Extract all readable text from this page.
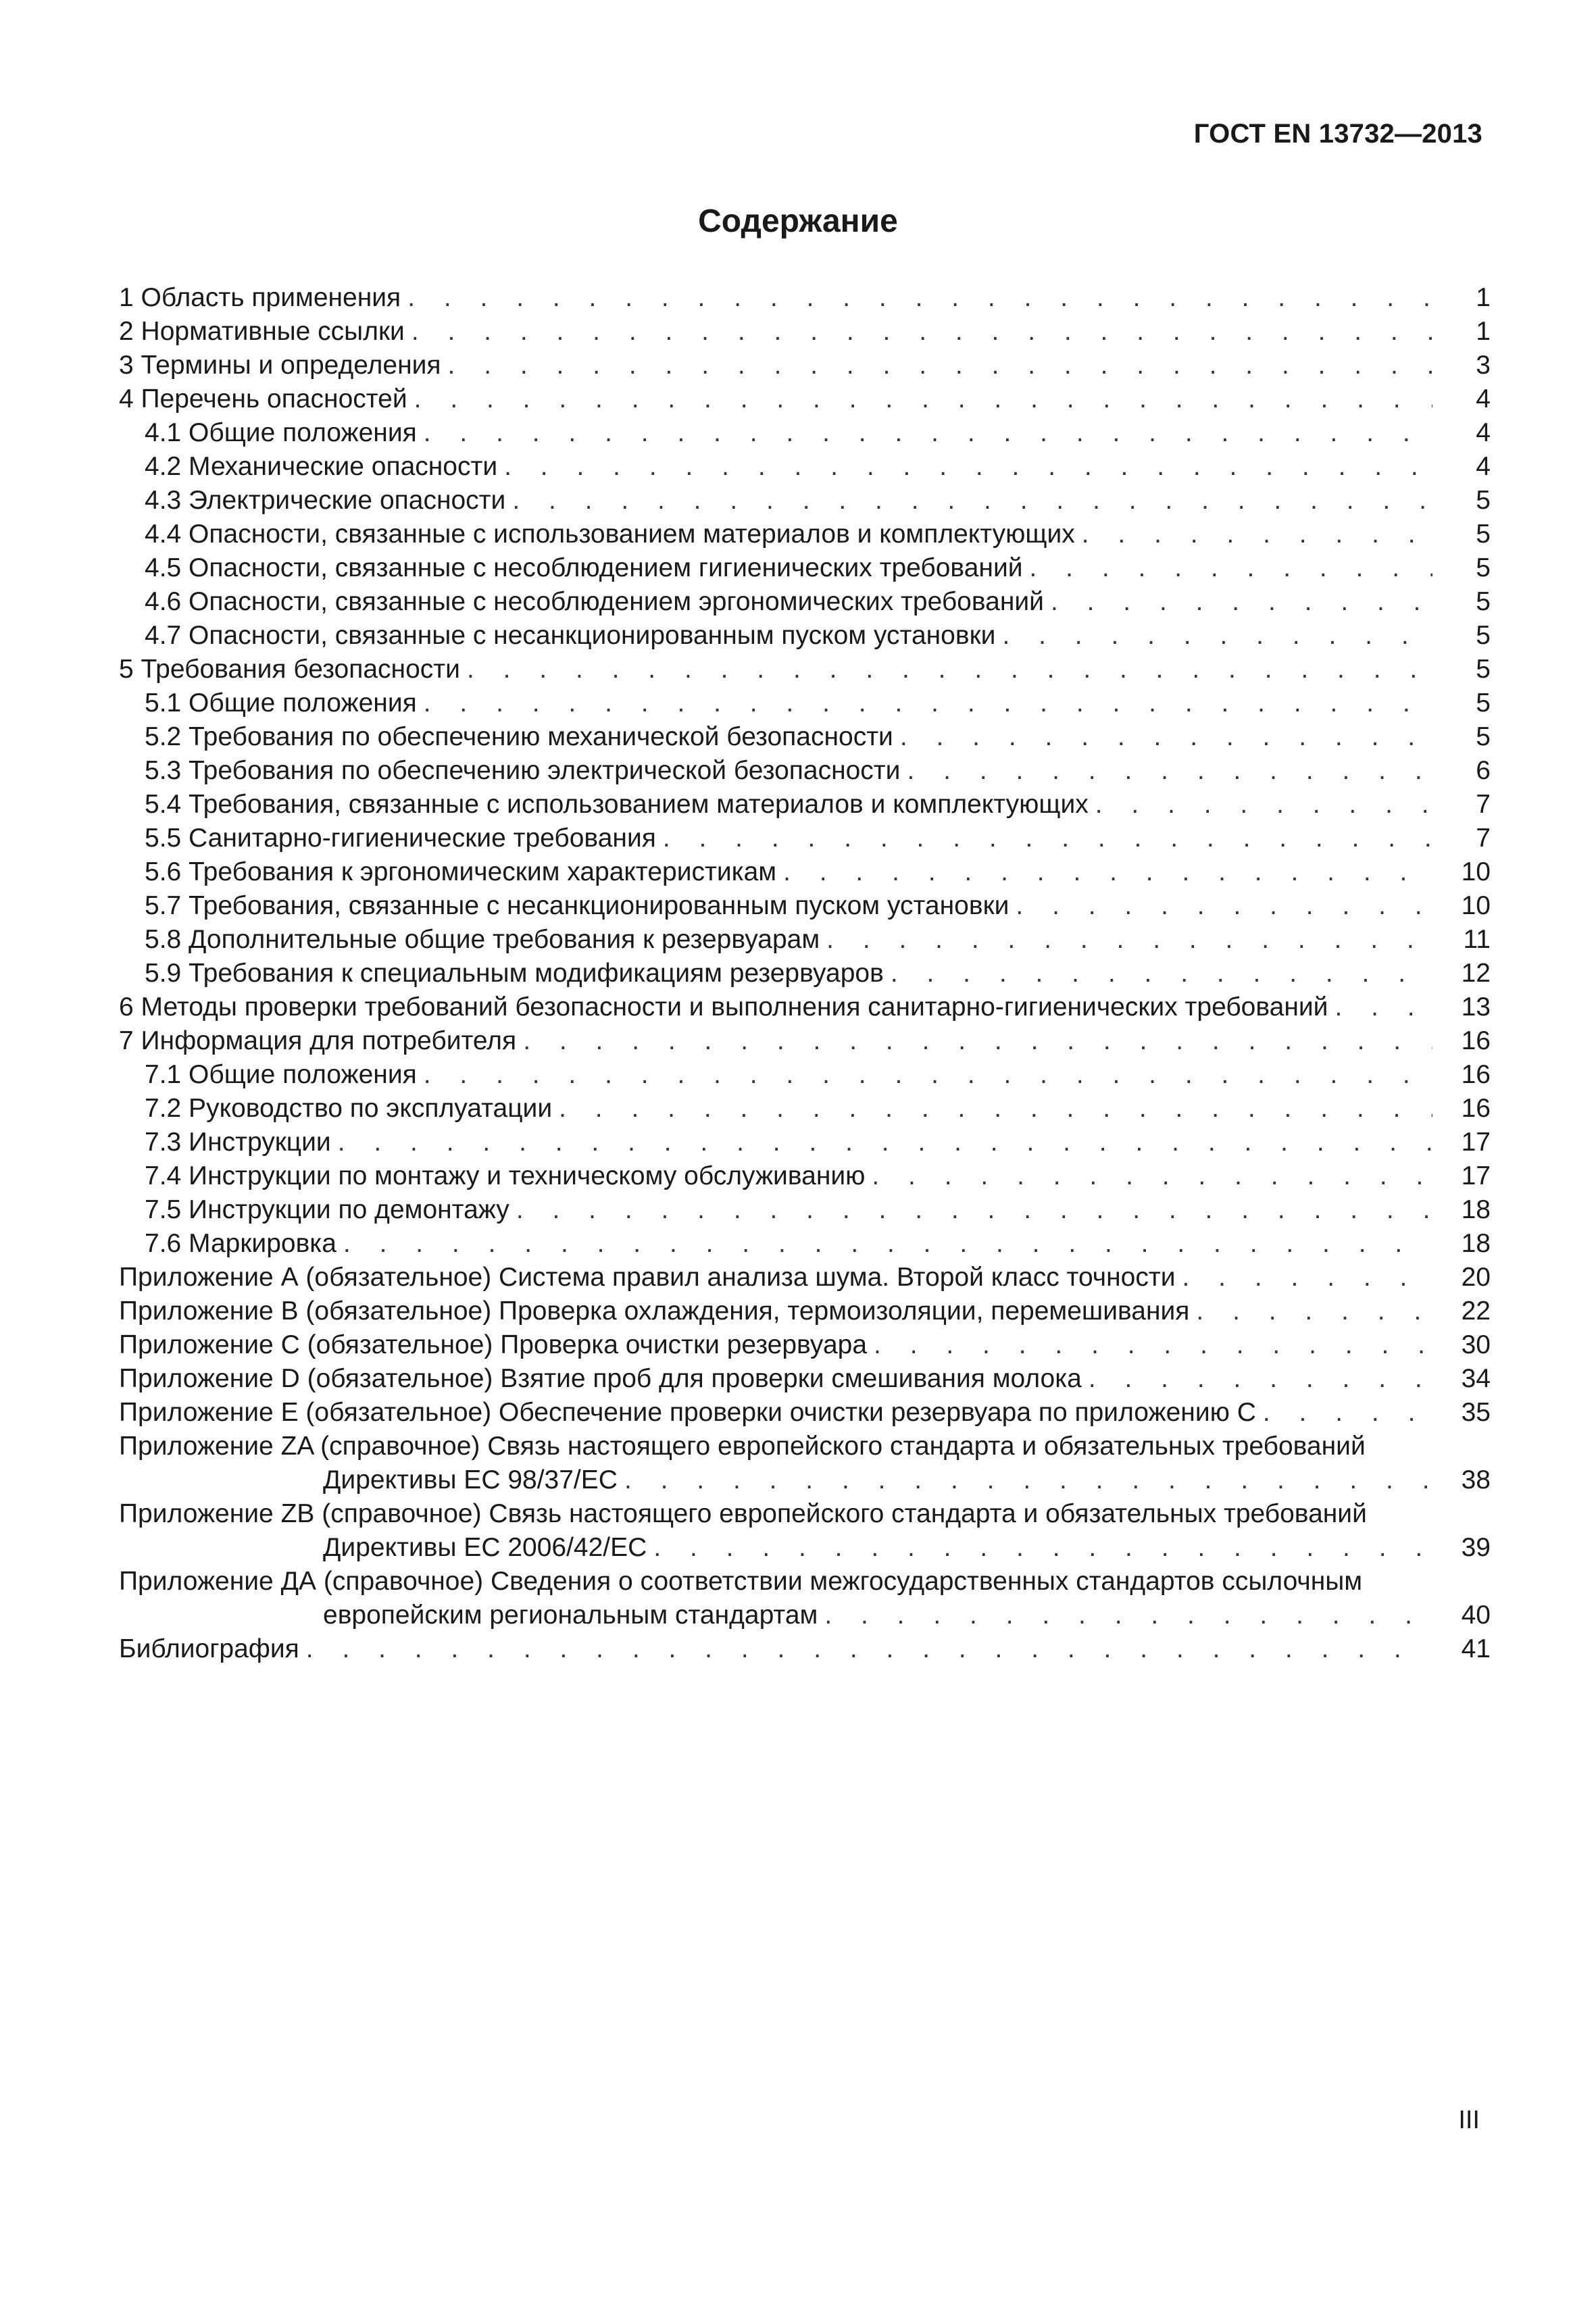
ГОСТ EN 13732—2013
Содержание
1 Область применения . . .	1
2 Нормативные ссылки . . .	1
3 Термины и определения . . .	3
4 Перечень опасностей . . .	4
4.1 Общие положения . . .	4
4.2 Механические опасности . . .	4
4.3 Электрические опасности . . .	5
4.4 Опасности, связанные с использованием материалов и комплектующих . . .	5
4.5 Опасности, связанные с несоблюдением гигиенических требований . . .	5
4.6 Опасности, связанные с несоблюдением эргономических требований . . .	5
4.7 Опасности, связанные с несанкционированным пуском установки . . .	5
5 Требования безопасности . . .	5
5.1 Общие положения . . .	5
5.2 Требования по обеспечению механической безопасности . . .	5
5.3 Требования по обеспечению электрической безопасности . . .	6
5.4 Требования, связанные с использованием материалов и комплектующих . . .	7
5.5 Санитарно-гигиенические требования . . .	7
5.6 Требования к эргономическим характеристикам . . .	10
5.7 Требования, связанные с несанкционированным пуском установки . . .	10
5.8 Дополнительные общие требования к резервуарам . . .	11
5.9 Требования к специальным модификациям резервуаров . . .	12
6 Методы проверки требований безопасности и выполнения санитарно-гигиенических требований . . .	13
7 Информация для потребителя . . .	16
7.1 Общие положения . . .	16
7.2 Руководство по эксплуатации . . .	16
7.3 Инструкции . . .	17
7.4 Инструкции по монтажу и техническому обслуживанию . . .	17
7.5 Инструкции по демонтажу . . .	18
7.6 Маркировка . . .	18
Приложение А (обязательное) Система правил анализа шума. Второй класс точности . . .	20
Приложение В (обязательное) Проверка охлаждения, термоизоляции, перемешивания . . .	22
Приложение С (обязательное) Проверка очистки резервуара . . .	30
Приложение D (обязательное) Взятие проб для проверки смешивания молока . . .	34
Приложение Е (обязательное) Обеспечение проверки очистки резервуара по приложению С . . .	35
Приложение ZA (справочное) Связь настоящего европейского стандарта и обязательных требований
Директивы ЕС 98/37/ЕС . . .	38
Приложение ZB (справочное) Связь настоящего европейского стандарта и обязательных требований
Директивы ЕС 2006/42/ЕС . . .	39
Приложение ДА (справочное) Сведения о соответствии межгосударственных стандартов ссылочным
европейским региональным стандартам . . .	40
Библиография . . .	41
III
